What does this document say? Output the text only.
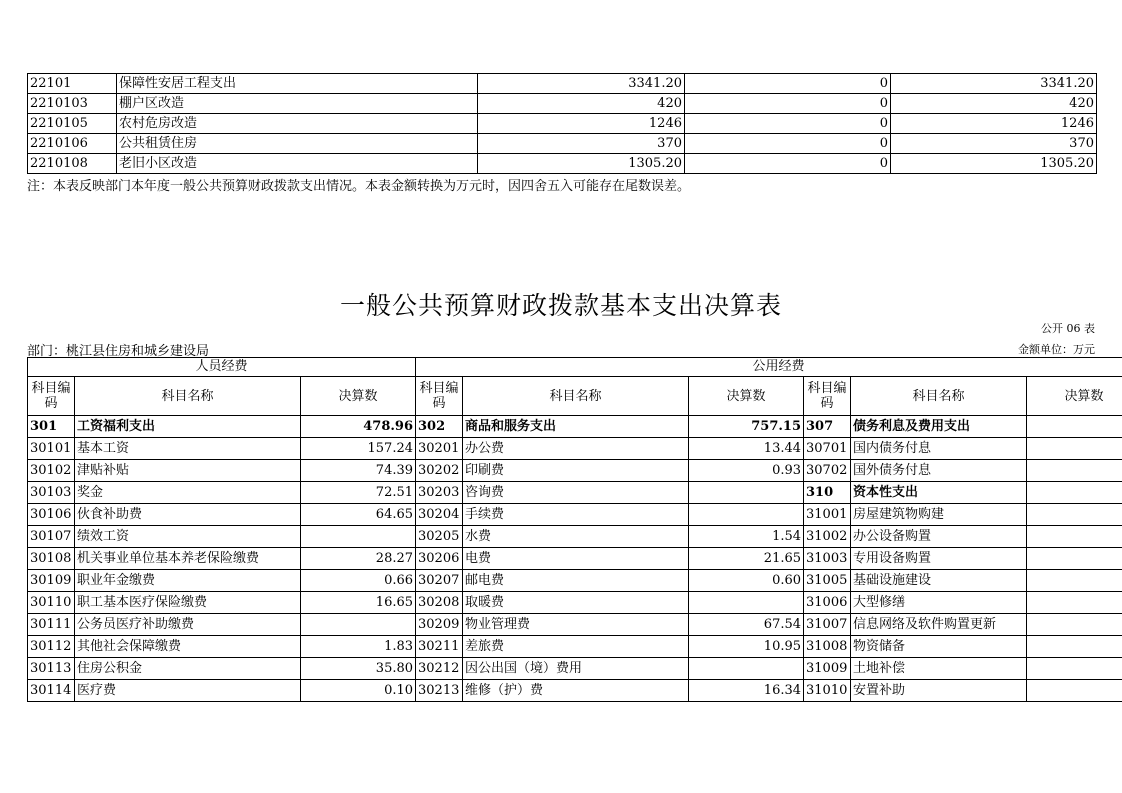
22101	保障性安居工程支出	3341.20	0	3341.20
2210103	棚户区改造	420	0	420
2210105	农村危房改造	1246	0	1246
2210106	公共租赁住房	370	0	370
2210108	老旧小区改造	1305.20	0	1305.20
注：本表反映部门本年度一般公共预算财政拨款支出情况。本表金额转换为万元时，因四舍五入可能存在尾数误差。
一般公共预算财政拨款基本支出决算表
公开 06 表
部门：桃江县住房和城乡建设局	金额单位：万元
人员经费			公用经费					
科目编码	科目名称	决算数	科目编码	科目名称	决算数	科目编码	科目名称	决算数
301	工资福利支出	478.96	302	商品和服务支出	757.15	307	债务利息及费用支出	
30101	基本工资	157.24	30201	办公费	13.44	30701	国内债务付息	
30102	津贴补贴	74.39	30202	印刷费	0.93	30702	国外债务付息	
30103	奖金	72.51	30203	咨询费		310	资本性支出	
30106	伙食补助费	64.65	30204	手续费		31001	房屋建筑物购建	
30107	绩效工资		30205	水费	1.54	31002	办公设备购置	
30108	机关事业单位基本养老保险缴费	28.27	30206	电费	21.65	31003	专用设备购置	
30109	职业年金缴费	0.66	30207	邮电费	0.60	31005	基础设施建设	
30110	职工基本医疗保险缴费	16.65	30208	取暖费		31006	大型修缮	
30111	公务员医疗补助缴费		30209	物业管理费	67.54	31007	信息网络及软件购置更新	
30112	其他社会保障缴费	1.83	30211	差旅费	10.95	31008	物资储备	
30113	住房公积金	35.80	30212	因公出国（境）费用		31009	土地补偿	
30114	医疗费	0.10	30213	维修（护）费	16.34	31010	安置补助	
